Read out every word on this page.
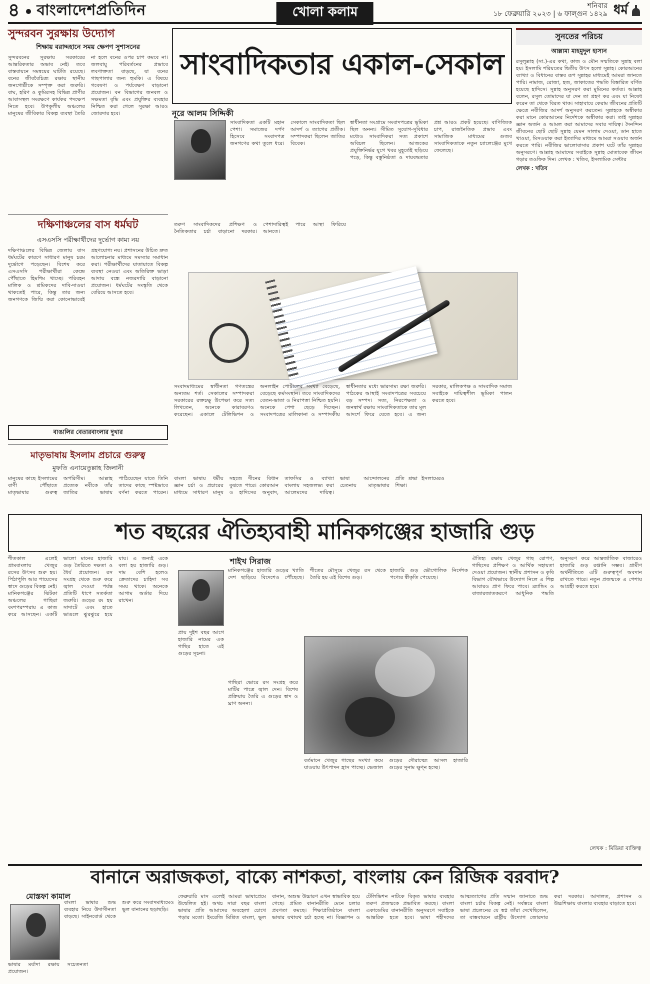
৪ বাংলাদেশপ্রতিদিন	খোলা কলাম	শনিবার
১৮ ফেব্রুয়ারি ২০২৩ | ৬ ফাল্গুন ১৪২৯ ধর্ম
সুন্দরবন সুরক্ষায় উদ্যোগ
শিক্ষায় বরাদ্দহানে সময় ক্ষেপণ সুশাসনের

সুন্দরবনের সুরক্ষায় সরকারের আন্তরিকতার অভাব নেই। তবে বাস্তবায়নে সমন্বয়ের ঘাটতি রয়েছে। বনের জীববৈচিত্র্য রক্ষায় স্থানীয় জনগোষ্ঠীকে সম্পৃক্ত করা জরুরি। বাঘ, হরিণ ও কুমিরসহ বিভিন্ন প্রাণীর আবাসস্থল সংরক্ষণে কার্যকর পদক্ষেপ নিতে হবে। উপকূলীয় অঞ্চলের মানুষের জীবিকার বিকল্প ব্যবস্থা তৈরি না হলে বনের ওপর চাপ কমবে না। জলবায়ু পরিবর্তনের প্রভাবে লবণাক্ততা বাড়ছে, যা বনের গাছপালার জন্য হুমকি। এ বিষয়ে গবেষণা ও পর্যবেক্ষণ বাড়ানো প্রয়োজন। বন বিভাগের জনবল ও সক্ষমতা বৃদ্ধি এবং প্রযুক্তির ব্যবহার নিশ্চিত করা গেলে সুরক্ষা আরও জোরদার হবে।

দক্ষিণাঞ্চলের বাস ধর্মঘট
এসএসসি পরীক্ষার্থীদের দুর্ভোগ কাম্য নয়

দক্ষিণাঞ্চলের বিভিন্ন জেলায় বাস ধর্মঘটের কারণে সাধারণ মানুষ চরম দুর্ভোগে পড়েছেন। বিশেষ করে এসএসসি পরীক্ষার্থীরা কেন্দ্রে পৌঁছাতে হিমশিম খাচ্ছে। পরিবহন মালিক ও শ্রমিকদের দাবি-দাওয়া থাকতেই পারে, কিন্তু তার জন্য জনগণকে জিম্মি করা কোনোভাবেই গ্রহণযোগ্য নয়। প্রশাসনের উচিত দ্রুত আলোচনার মাধ্যমে সমস্যার সমাধান করা। পরীক্ষার্থীদের যাতায়াতে বিকল্প ব্যবস্থা নেওয়া এবং অতিরিক্ত ভাড়া আদায় বন্ধে নজরদারি বাড়ানো প্রয়োজন। ধর্মঘটের সংস্কৃতি থেকে বেরিয়ে আসতে হবে।

বাঙালির বেতারবাংলার দুখার
মাতৃভাষায় ইসলাম প্রচারে গুরুত্ব
মুফতি এনায়েতুল্লাহ জিলানী

মানুষের কাছে ইসলামের বাণী পৌঁছাতে মাতৃভাষার গুরুত্ব অপরিসীম। আল্লাহ প্রত্যেক নবীকে তাঁর জাতির ভাষায় পাঠিয়েছেন যাতে তিনি তাদের কাছে স্পষ্টভাবে বর্ণনা করতে পারেন। বাংলা ভাষায় ধর্মীয় জ্ঞান চর্চা ও প্রচারের মাধ্যমে সাধারণ মানুষ সহজে দীনের বিধান বুঝতে পারে। কোরআন ও হাদিসের অনুবাদ, তাফসির ও ব্যাখ্যা বাংলায় সহজলভ্য করা আলেমদের দায়িত্ব। ভাষা আন্দোলনের চেতনায় মাতৃভাষার প্রতি শ্রদ্ধা ইসলামেরও শিক্ষা।

সাংবাদিকতার একাল-সেকাল
নূরে আলম সিদ্দিকী

সাংবাদিকতা একটি মহান পেশা। সমাজের দর্পণ হিসেবে সংবাদপত্র জনগণের কথা তুলে ধরে। সেকালে সাংবাদিকতা ছিল আদর্শ ও ত্যাগের প্রতীক। সম্পাদকরা ছিলেন জাতির বিবেক।

স্বাধীনতা সংগ্রামে সংবাদপত্রের ভূমিকা ছিল অনন্য। সীমিত সুযোগ-সুবিধার মধ্যেও সাংবাদিকরা সত্য প্রকাশে অবিচল ছিলেন। আজকের প্রযুক্তিনির্ভর যুগে খবর মুহূর্তেই ছড়িয়ে পড়ে, কিন্তু বস্তুনিষ্ঠতা ও দায়বদ্ধতার প্রশ্ন আরও প্রকট হয়েছে। বাণিজ্যিক চাপ, রাজনৈতিক প্রভাব এবং সামাজিক মাধ্যমের গুজব সাংবাদিকতাকে নতুন চ্যালেঞ্জের মুখে ফেলেছে।

তরুণ সাংবাদিকদের প্রশিক্ষণ ও নৈতিকতার চর্চা বাড়ানো দরকার। পেশাদারিত্বই পারে আস্থা ফিরিয়ে আনতে।

সংবাদমাধ্যমের স্বাধীনতা গণতন্ত্রের অন্যতম শর্ত। সেকালের সম্পাদকরা সরকারের রক্তচক্ষু উপেক্ষা করে সত্য লিখতেন, অনেকে কারাবরণও করেছেন। একালে টেলিভিশন ও অনলাইন পোর্টালের সংখ্যা বেড়েছে, বেড়েছে কর্মসংস্থান। তবে সাংবাদিকদের বেতন-ভাতা ও নিরাপত্তা নিশ্চিত হয়নি। অনেকে পেশা ছেড়ে দিচ্ছেন। সংবাদপত্রের মালিকানা ও সম্পাদকীয় স্বাধীনতার মধ্যে ভারসাম্য রক্ষা জরুরি। পাঠকের আস্থাই সংবাদপত্রের সবচেয়ে বড় সম্পদ। সত্য, নিরপেক্ষতা ও জনস্বার্থ রক্ষায় সাংবাদিকতাকে তার মূল আদর্শে ফিরে যেতে হবে। এ জন্য সরকার, মালিকপক্ষ ও সাংবাদিক সমাজ সবাইকে দায়িত্বশীল ভূমিকা পালন করতে হবে।

সুনতের পরিচয়
আল্লামা মাহমুদুল হাসান

রসুলুল্লাহ (সা.)-এর কথা, কাজ ও মৌন সম্মতিকে সুন্নাহ বলা হয়। ইসলামি শরিয়তের দ্বিতীয় উৎস হলো সুন্নাহ। কোরআনের ব্যাখ্যা ও বিধানের বাস্তব রূপ সুন্নাহর মাধ্যমেই আমরা জানতে পারি। নামাজ, রোজা, হজ, জাকাতের পদ্ধতি বিস্তারিত বর্ণিত হয়েছে হাদিসে। সুন্নাহ অনুসরণ করা মুমিনের কর্তব্য। আল্লাহ বলেন, রসুল তোমাদের যা দেন তা গ্রহণ কর এবং যা নিষেধ করেন তা থেকে বিরত থাক। সাহাবায়ে কেরাম জীবনের প্রতিটি ক্ষেত্রে নবীজির আদর্শ অনুসরণ করতেন। সুন্নাহকে অস্বীকার করা মানে কোরআনের নির্দেশকে অস্বীকার করা। তাই সুন্নাহর জ্ঞান অর্জন ও আমল করা আমাদের সবার দায়িত্ব। দৈনন্দিন জীবনের ছোট ছোট সুন্নাহ যেমন সালাম দেওয়া, ডান হাতে খাওয়া, মিসওয়াক করা ইত্যাদির মাধ্যমে আমরা সওয়াব অর্জন করতে পারি। নবীজির ভালোবাসার প্রকাশ ঘটে তাঁর সুন্নাহর অনুসরণে। আল্লাহ আমাদের সবাইকে সুন্নাহ মোতাবেক জীবন গড়ার তওফিক দিন। লেখক : খতিব, ইসলামিক সেন্টার

লেখক : খতিব

শত বছরের ঐতিহ্যবাহী মানিকগঞ্জের হাজারি গুড়
শাইখ সিরাজ

শীতকাল এলেই গ্রামবাংলায় খেজুর রসের উৎসব শুরু হয়। পিঠাপুলি আর পায়েসের স্বাদে গুড়ের বিকল্প নেই। মানিকগঞ্জের ঝিটকা অঞ্চলের গাছিরা বংশপরম্পরায় এ কাজ করে আসছেন। একটি ভালো মানের হাজারি গুড় তৈরিতে দক্ষতা ও ধৈর্য প্রয়োজন। রস সংগ্রহ থেকে শুরু করে জ্বাল দেওয়া পর্যন্ত প্রতিটি ধাপে সতর্কতা জরুরি। গুড়ের রং হয় সাদাটে এবং হাতে ভাঙলে ঝুরঝুরে হয়ে যায়। এ জন্যই একে বলা হয় হাজারি গুড়। দাম বেশি হলেও ক্রেতাদের চাহিদা সব সময় থাকে। অনেকে আগাম অর্ডার দিয়ে রাখেন।

মানিকগঞ্জের হাজারি গুড়ের খ্যাতি দেশ ছাড়িয়ে বিদেশেও পৌঁছেছে। শীতের মৌসুমে খেজুর রস থেকে তৈরি হয় এই বিশেষ গুড়।

প্রায় দুইশ বছর আগে হাজারি নামের এক গাছির হাতে এই গুড়ের সূচনা।

গাছিরা ভোরে রস সংগ্রহ করে মাটির পাত্রে জ্বাল দেন। বিশেষ প্রক্রিয়ায় তৈরি এ গুড়ের স্বাদ ও ঘ্রাণ অনন্য।

হাজারি গুড় ভৌগোলিক নির্দেশক পণ্যের স্বীকৃতি পেয়েছে।

বর্তমানে খেজুর গাছের সংখ্যা কমে যাওয়ায় উৎপাদন হ্রাস পাচ্ছে। ভেজাল গুড়ের দৌরাত্ম্যে আসল হাজারি গুড়ের সুনাম ক্ষুণ্ন হচ্ছে।

ঐতিহ্য রক্ষায় খেজুর গাছ রোপণ, গাছিদের প্রশিক্ষণ ও আর্থিক সহায়তা দেওয়া প্রয়োজন। স্থানীয় প্রশাসন ও কৃষি বিভাগ যৌথভাবে উদ্যোগ নিলে এ শিল্প আবারও প্রাণ ফিরে পাবে। ব্র্যান্ডিং ও বাজারজাতকরণে আধুনিক পদ্ধতি অনুসরণ করে আন্তর্জাতিক বাজারেও হাজারি গুড় রপ্তানি সম্ভব। গ্রামীণ অর্থনীতিতে এটি গুরুত্বপূর্ণ অবদান রাখতে পারে। নতুন প্রজন্মকে এ পেশায় আগ্রহী করতে হবে।

লেখক : মিডিয়া ব্যক্তিত্ব
বানানে অরাজকতা, বাক্যে নাশকতা, বাংলায় কেন রিজিক বরবাদ?
মোস্তফা কামাল

বাংলা ভাষার শুদ্ধ ব্যবহার নিয়ে উদাসীনতা বাড়ছে। সাইনবোর্ড থেকে শুরু করে সংবাদমাধ্যমেও ভুল বানানের ছড়াছড়ি।

ভাষার মর্যাদা রক্ষায় সচেতনতা প্রয়োজন।

ফেব্রুয়ারি মাস এলেই আমরা ভাষাপ্রেমে উদ্বেলিত হই। অথচ সারা বছর বাংলা ভাষার প্রতি আমাদের অবহেলা চোখে পড়ার মতো। ইংরেজি মিশ্রিত বাংলা, ভুল বানান, অশুদ্ধ উচ্চারণ এখন স্বাভাবিক হয়ে গেছে। প্রমিত বানানরীতি মেনে চলার প্রবণতা কমছে। শিক্ষাপ্রতিষ্ঠানে বাংলা ভাষার যথাযথ চর্চা হচ্ছে না। বিজ্ঞাপন ও টেলিভিশন নাটকে বিকৃত ভাষার ব্যবহার তরুণ প্রজন্মকে প্রভাবিত করছে। বাংলা একাডেমির বানানরীতি অনুসরণে সবাইকে আন্তরিক হতে হবে। ভাষা শহীদদের আত্মত্যাগের প্রতি সম্মান জানাতে শুদ্ধ বাংলা চর্চার বিকল্প নেই। সর্বস্তরে বাংলা ভাষা প্রচলনের যে স্বপ্ন তাঁরা দেখেছিলেন, তা বাস্তবায়নে রাষ্ট্রীয় উদ্যোগ জোরদার করা দরকার। আদালত, প্রশাসন ও উচ্চশিক্ষায় বাংলার ব্যবহার বাড়াতে হবে।
